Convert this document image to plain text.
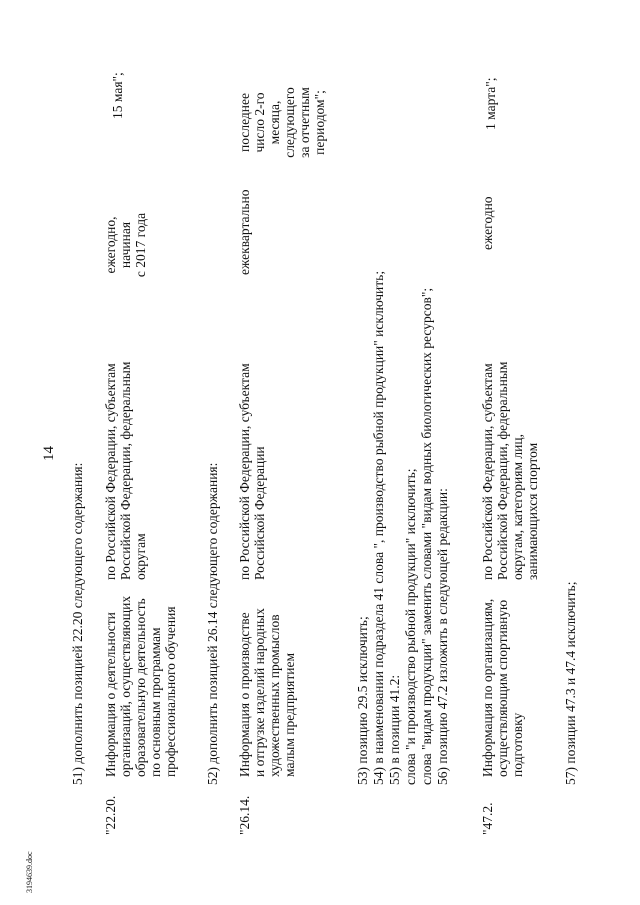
14
51) дополнить позицией 22.20 следующего содержания:
"22.20.
Информация о деятельности организаций, осуществляющих образовательную деятельность по основным программам профессионального обучения
по Российской Федерации, субъектам Российской Федерации, федеральным округам
ежегодно, начиная с 2017 года
15 мая";
52) дополнить позицией 26.14 следующего содержания:
"26.14.
Информация о производстве и отгрузке изделий народных художественных промыслов малым предприятием
по Российской Федерации, субъектам Российской Федерации
ежеквартально
последнее число 2-го месяца, следующего за отчетным периодом";
53) позицию 29.5 исключить; 54) в наименовании подраздела 41 слова ", производство рыбной продукции" исключить; 55) в позиции 41.2: слова "и производство рыбной продукции" исключить; слова "видам продукции" заменить словами "видам водных биологических ресурсов"; 56) позицию 47.2 изложить в следующей редакции:
"47.2.
Информация по организациям, осуществляющим спортивную подготовку
по Российской Федерации, субъектам Российской Федерации, федеральным округам, категориям лиц, занимающихся спортом
ежегодно
1 марта";
57) позиции 47.3 и 47.4 исключить;
3194639.doc
